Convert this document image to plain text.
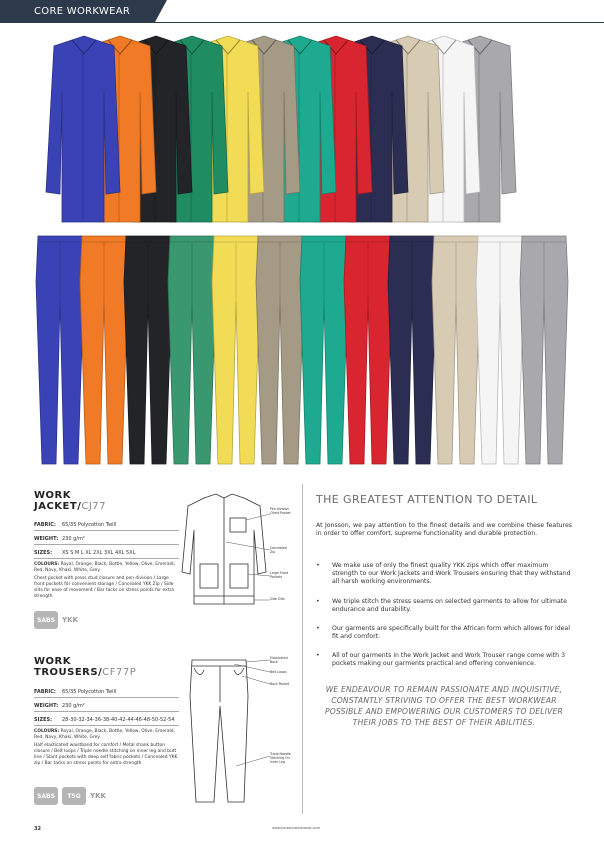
CORE WORKWEAR
WORK
JACKET/CJ77
FABRIC: 65/35 Polycotton Twill
WEIGHT: 230 g/m²
SIZES: XS S M L XL 2XL 3XL 4XL 5XL
COLOURS: Royal, Orange, Black, Bottle, Yellow, Olive, Emerald, Red, Navy, Khaki, White, Grey
Chest pocket with press stud closure and pen division / Large front pockets for convenient storage / Concealed YKK Zip / Side slits for ease of movement / Bar tacks on stress points for extra strength
SABS	YKK
Pen division Chest Pocket
Concealed Zip
Large Front Pockets
Side Slits
WORK
TROUSERS/CF77P
FABRIC: 65/35 Polycotton Twill
WEIGHT: 230 g/m²
SIZES: 28-30-32-34-36-38-40-42-44-46-48-50-52-54
COLOURS: Royal, Orange, Black, Bottle, Yellow, Olive, Emerald, Red, Navy, Khaki, White, Grey
Half elasticated waistband for comfort / Metal shank button closure / Belt loops / Triple needle stitching on inner leg and butt line / Slant pockets with deep self fabric pockets / Concealed YKK zip / Bar tacks on stress points for extra strength
SABS	TSG	YKK
Elasticated Back
Belt Loops
Back Pocket
Triple Needle Stitching On Inner Leg
THE GREATEST ATTENTION TO DETAIL
At Jonsson, we pay attention to the finest details and we combine these features in order to offer comfort, supreme functionality and durable protection.
• We make use of only the finest quality YKK zips which offer maximum strength to our Work Jackets and Work Trousers ensuring that they withstand all harsh working environments.
• We triple stitch the stress seams on selected garments to allow for ultimate endurance and durability.
• Our garments are specifically built for the African form which allows for ideal fit and comfort.
• All of our garments in the Work Jacket and Work Trouser range come with 3 pockets making our garments practical and offering convenience.
WE ENDEAVOUR TO REMAIN PASSIONATE AND INQUISITIVE, CONSTANTLY STRIVING TO OFFER THE BEST WORKWEAR POSSIBLE AND EMPOWERING OUR CUSTOMERS TO DELIVER THEIR JOBS TO THE BEST OF THEIR ABILITIES.
32	www.jonssonworkwear.com
